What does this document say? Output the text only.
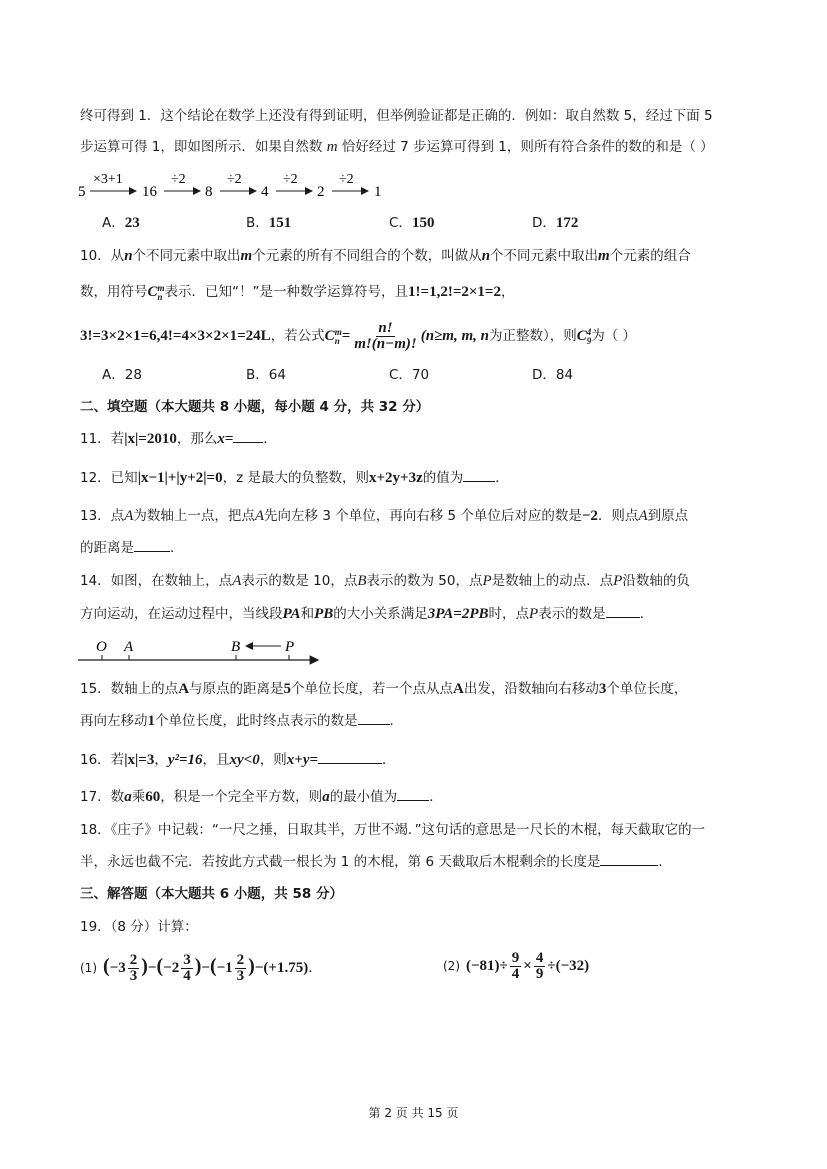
终可得到 1．这个结论在数学上还没有得到证明，但举例验证都是正确的．例如：取自然数 5，经过下面 5
步运算可得 1，即如图所示．如果自然数 m 恰好经过 7 步运算可得到 1，则所有符合条件的数的和是（ ）
5
×3+1
16
÷2
8
÷2
4
÷2
2
÷2
1
A．23	B．151	C．150	D．172
10．从n个不同元素中取出m个元素的所有不同组合的个数，叫做从n个不同元素中取出m个元素的组合
数，用符号C m
n 表示．已知“！”是一种数学运算符号，且1!=1,2!=2×1=2，
3!=3×2×1=6,4!=4×3×2×1=24L，若公式C m
$n = \frac{n!}{m!(n-m)!} (n\ge m$, m, n为正整数），则C 4
9 为（ ）
A．28	B．64	C．70	D．84
二、填空题（本大题共 8 小题，每小题 4 分，共 32 分）
11．若|x|=2010，那么x= ．
12．已知|x−1|+|y+2|=0，z 是最大的负整数，则x+2y+3z的值为 ．
13．点A为数轴上一点，把点A先向左移 3 个单位，再向右移 5 个单位后对应的数是−2．则点A到原点
的距离是	．
14．如图，在数轴上，点A表示的数是 10，点B表示的数为 50，点P是数轴上的动点．点P沿数轴的负
方向运动，在运动过程中，当线段PA和PB的大小关系满足3PA=2PB时，点P表示的数是	．
O A	B	P
15．数轴上的点A与原点的距离是5个单位长度，若一个点从点A出发，沿数轴向右移动3个单位长度，
再向左移动1个单位长度，此时终点表示的数是 ．
16．若|x|=3，y²=16，且xy<0，则x+y=	．
17．数a乘60，积是一个完全平方数，则a的最小值为 ．
18．《庄子》中记载：“一尺之捶，日取其半，万世不竭．”这句话的意思是一尺长的木棍，每天截取它的一
半，永远也截不完．若按此方式截一根长为 1 的木棍，第 6 天截取后木棍剩余的长度是	．
三、解答题（本大题共 6 小题，共 58 分）
19．（8 分）计算：
(1) $(-3 \frac{2}{3} )-(-2 \frac{3}{4} )-(-1 \frac{2}{3} )-(+1.75)$．	(2) $(-81)\div \frac{9}{4} \times \frac{4}{9} \div(-32)$
第 2 页 共 15 页
